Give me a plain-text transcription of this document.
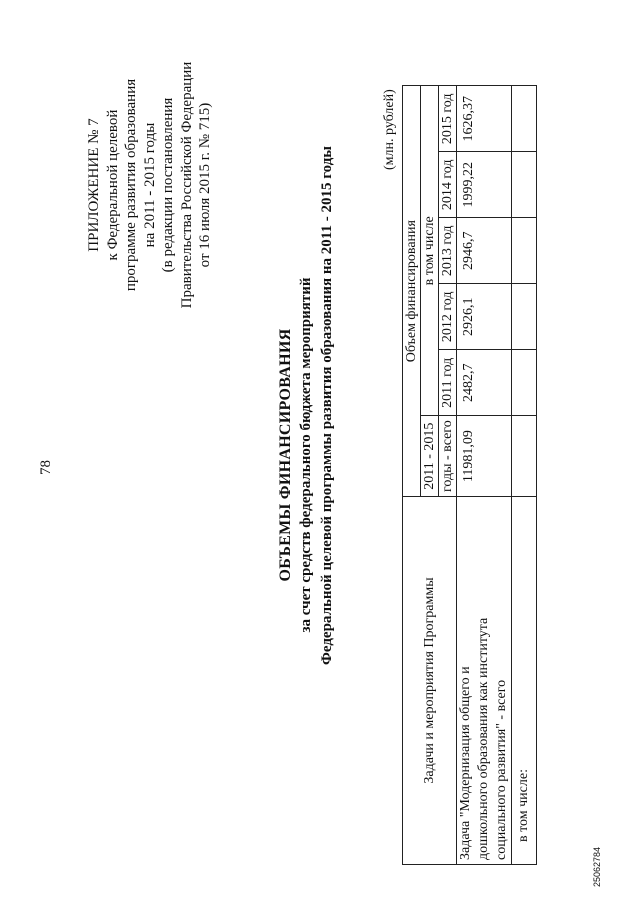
78
ПРИЛОЖЕНИЕ № 7 к Федеральной целевой программе развития образования на 2011 - 2015 годы (в редакции постановления Правительства Российской Федерации от 16 июля 2015 г. № 715)
ОБЪЕМЫ ФИНАНСИРОВАНИЯ за счет средств федерального бюджета мероприятий Федеральной целевой программы развития образования на 2011 - 2015 годы
(млн. рублей)
Задачи и мероприятия Программы	Объем финансирования					
	2011 - 2015	в том числе				
	годы - всего	2011 год	2012 год	2013 год	2014 год	2015 год

Задача "Модернизация общего и дошкольного образования как института социального развития" - всего	11981,09	2482,7	2926,1	2946,7	1999,22	1626,37
в том числе:						
25062784
